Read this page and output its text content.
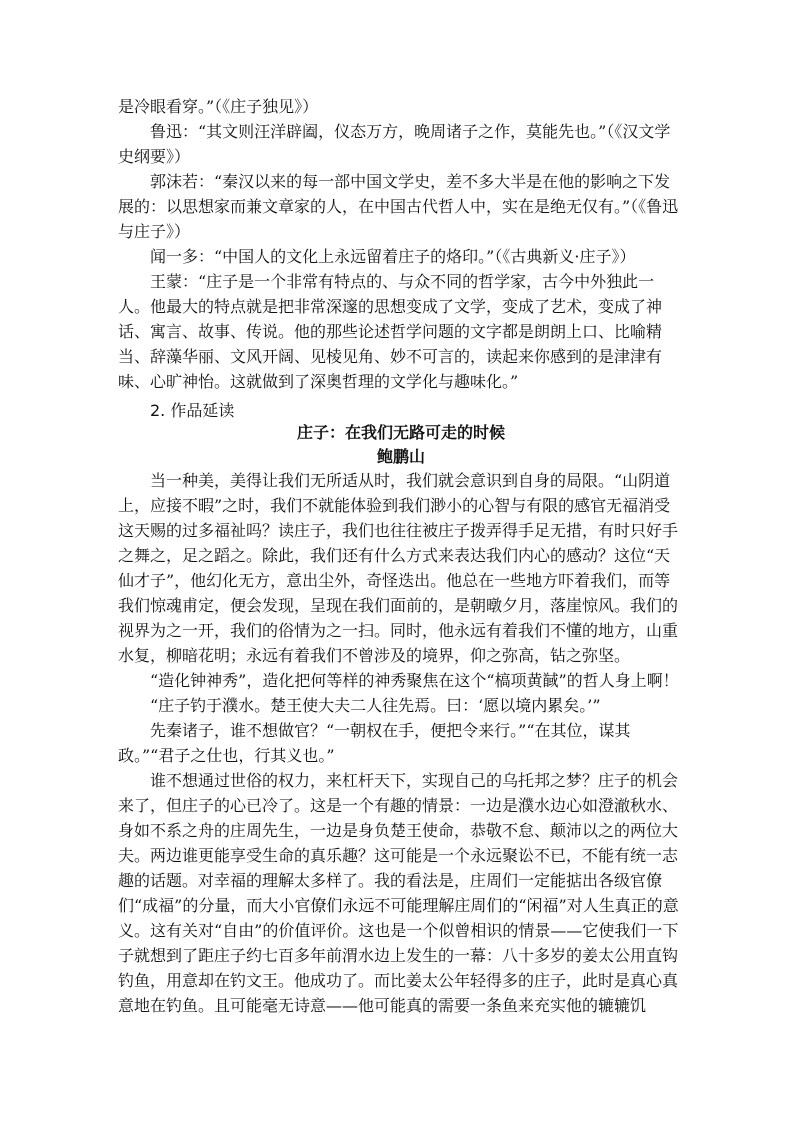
是冷眼看穿。”（《庄子独见》）

鲁迅：“其文则汪洋辟阖，仪态万方，晚周诸子之作，莫能先也。”（《汉文学史纲要》）

郭沫若：“秦汉以来的每一部中国文学史，差不多大半是在他的影响之下发展的：以思想家而兼文章家的人，在中国古代哲人中，实在是绝无仅有。”（《鲁迅与庄子》）

闻一多：“中国人的文化上永远留着庄子的烙印。”（《古典新义·庄子》）

王蒙：“庄子是一个非常有特点的、与众不同的哲学家，古今中外独此一人。他最大的特点就是把非常深邃的思想变成了文学，变成了艺术，变成了神话、寓言、故事、传说。他的那些论述哲学问题的文字都是朗朗上口、比喻精当、辞藻华丽、文风开阔、见棱见角、妙不可言的，读起来你感到的是津津有味、心旷神怡。这就做到了深奥哲理的文学化与趣味化。”

2. 作品延读
庄子：在我们无路可走的时候
鲍鹏山

当一种美，美得让我们无所适从时，我们就会意识到自身的局限。“山阴道上，应接不暇”之时，我们不就能体验到我们渺小的心智与有限的感官无福消受这天赐的过多福祉吗？读庄子，我们也往往被庄子拨弄得手足无措，有时只好手之舞之，足之蹈之。除此，我们还有什么方式来表达我们内心的感动？这位“天仙才子”，他幻化无方，意出尘外，奇怪迭出。他总在一些地方吓着我们，而等我们惊魂甫定，便会发现，呈现在我们面前的，是朝暾夕月，落崖惊风。我们的视界为之一开，我们的俗情为之一扫。同时，他永远有着我们不懂的地方，山重水复，柳暗花明；永远有着我们不曾涉及的境界，仰之弥高，钻之弥坚。

“造化钟神秀”，造化把何等样的神秀聚焦在这个“槁项黄馘”的哲人身上啊！

“庄子钓于濮水。楚王使大夫二人往先焉。曰：‘愿以境内累矣。’”

先秦诸子，谁不想做官？“一朝权在手，便把令来行。”“在其位，谋其政。”“君子之仕也，行其义也。”

谁不想通过世俗的权力，来杠杆天下，实现自己的乌托邦之梦？庄子的机会来了，但庄子的心已冷了。这是一个有趣的情景：一边是濮水边心如澄澈秋水、身如不系之舟的庄周先生，一边是身负楚王使命，恭敬不怠、颠沛以之的两位大夫。两边谁更能享受生命的真乐趣？这可能是一个永远聚讼不已，不能有统一志趣的话题。对幸福的理解太多样了。我的看法是，庄周们一定能掂出各级官僚们“成福”的分量，而大小官僚们永远不可能理解庄周们的“闲福”对人生真正的意义。这有关对“自由”的价值评价。这也是一个似曾相识的情景——它使我们一下子就想到了距庄子约七百多年前渭水边上发生的一幕：八十多岁的姜太公用直钩钓鱼，用意却在钓文王。他成功了。而比姜太公年轻得多的庄子，此时是真心真意地在钓鱼。且可能毫无诗意——他可能真的需要一条鱼来充实他的辘辘饥
